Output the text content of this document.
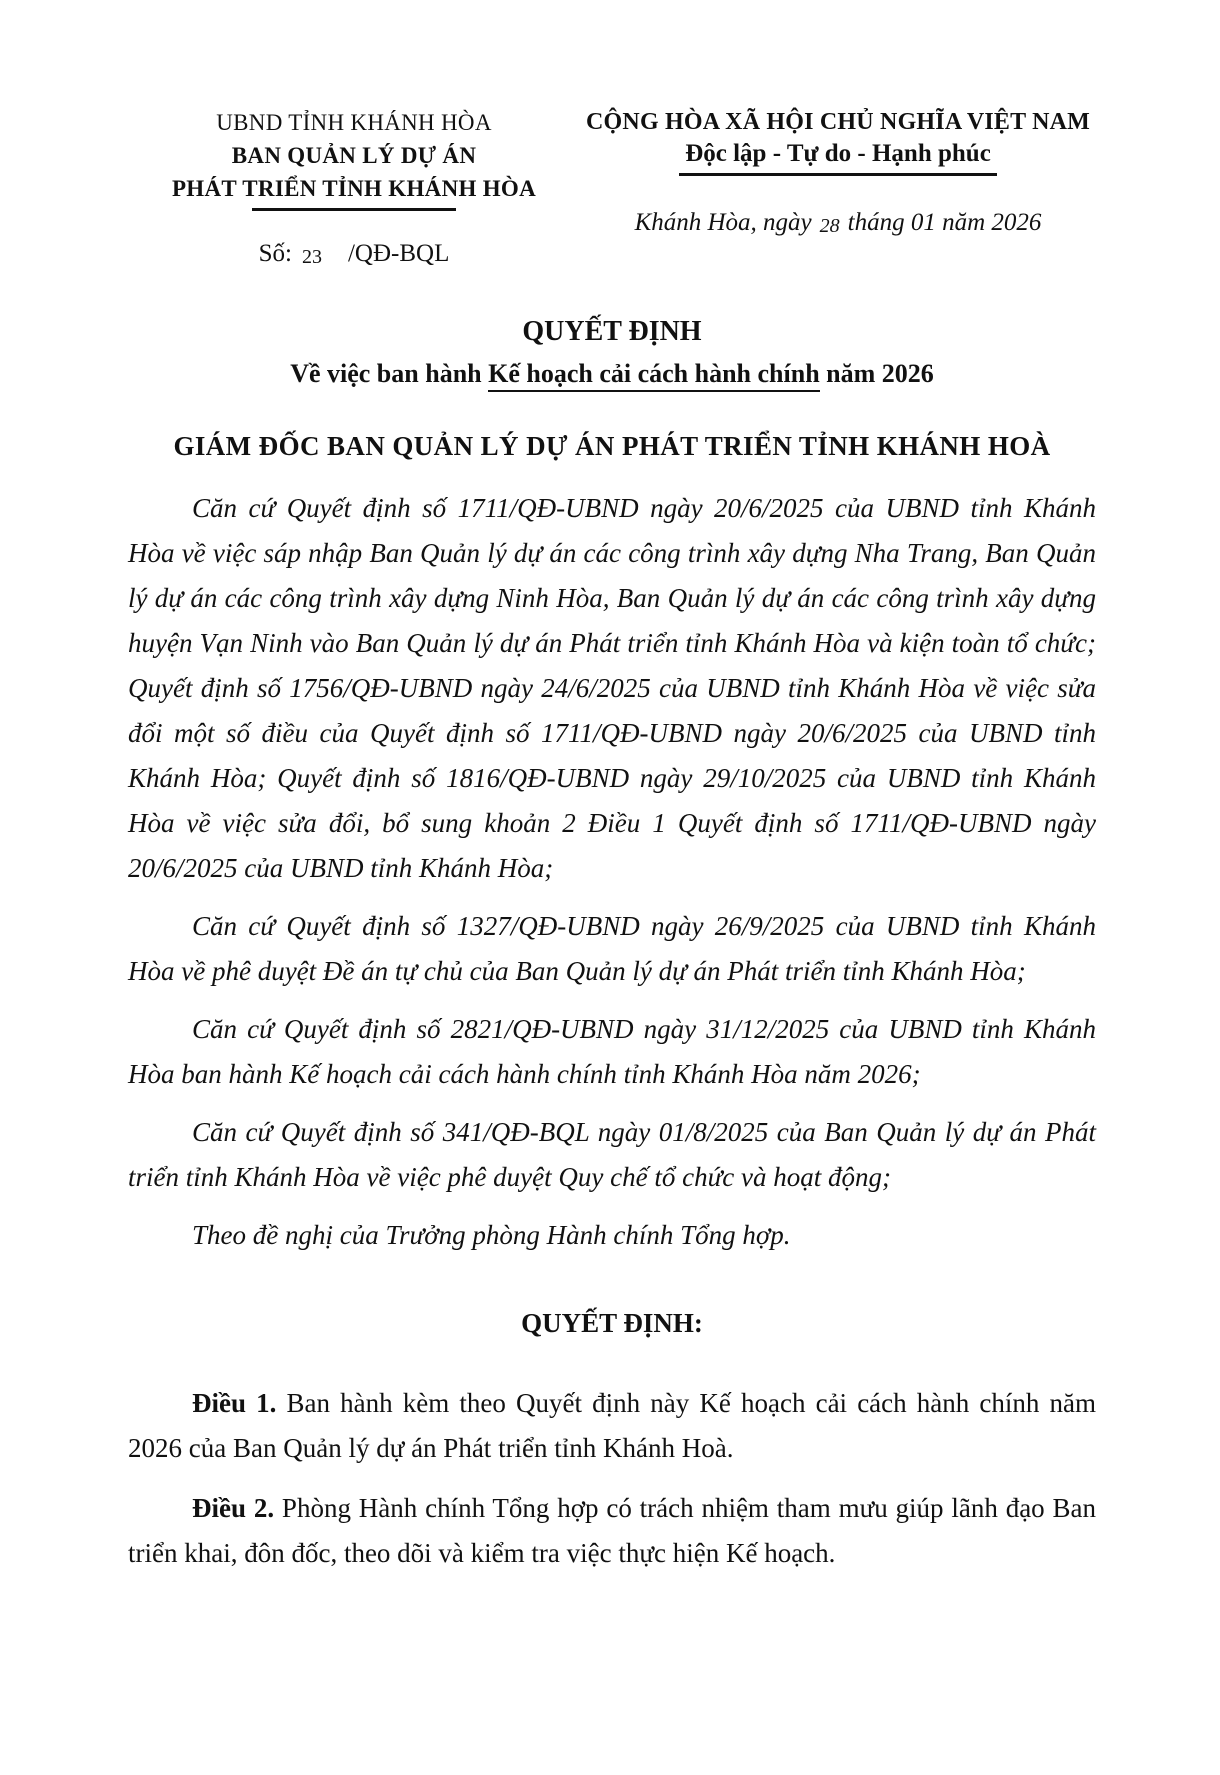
UBND TỈNH KHÁNH HÒA
BAN QUẢN LÝ DỰ ÁN
PHÁT TRIỂN TỈNH KHÁNH HÒA
Số: 23 /QĐ-BQL
CỘNG HÒA XÃ HỘI CHỦ NGHĨA VIỆT NAM
Độc lập - Tự do - Hạnh phúc
Khánh Hòa, ngày 28 tháng 01 năm 2026
QUYẾT ĐỊNH
Về việc ban hành Kế hoạch cải cách hành chính năm 2026
GIÁM ĐỐC BAN QUẢN LÝ DỰ ÁN PHÁT TRIỂN TỈNH KHÁNH HOÀ

Căn cứ Quyết định số 1711/QĐ-UBND ngày 20/6/2025 của UBND tỉnh Khánh Hòa về việc sáp nhập Ban Quản lý dự án các công trình xây dựng Nha Trang, Ban Quản lý dự án các công trình xây dựng Ninh Hòa, Ban Quản lý dự án các công trình xây dựng huyện Vạn Ninh vào Ban Quản lý dự án Phát triển tỉnh Khánh Hòa và kiện toàn tổ chức; Quyết định số 1756/QĐ-UBND ngày 24/6/2025 của UBND tỉnh Khánh Hòa về việc sửa đổi một số điều của Quyết định số 1711/QĐ-UBND ngày 20/6/2025 của UBND tỉnh Khánh Hòa; Quyết định số 1816/QĐ-UBND ngày 29/10/2025 của UBND tỉnh Khánh Hòa về việc sửa đổi, bổ sung khoản 2 Điều 1 Quyết định số 1711/QĐ-UBND ngày 20/6/2025 của UBND tỉnh Khánh Hòa;

Căn cứ Quyết định số 1327/QĐ-UBND ngày 26/9/2025 của UBND tỉnh Khánh Hòa về phê duyệt Đề án tự chủ của Ban Quản lý dự án Phát triển tỉnh Khánh Hòa;

Căn cứ Quyết định số 2821/QĐ-UBND ngày 31/12/2025 của UBND tỉnh Khánh Hòa ban hành Kế hoạch cải cách hành chính tỉnh Khánh Hòa năm 2026;

Căn cứ Quyết định số 341/QĐ-BQL ngày 01/8/2025 của Ban Quản lý dự án Phát triển tỉnh Khánh Hòa về việc phê duyệt Quy chế tổ chức và hoạt động;

Theo đề nghị của Trưởng phòng Hành chính Tổng hợp.

QUYẾT ĐỊNH:

Điều 1. Ban hành kèm theo Quyết định này Kế hoạch cải cách hành chính năm 2026 của Ban Quản lý dự án Phát triển tỉnh Khánh Hoà.

Điều 2. Phòng Hành chính Tổng hợp có trách nhiệm tham mưu giúp lãnh đạo Ban triển khai, đôn đốc, theo dõi và kiểm tra việc thực hiện Kế hoạch.
